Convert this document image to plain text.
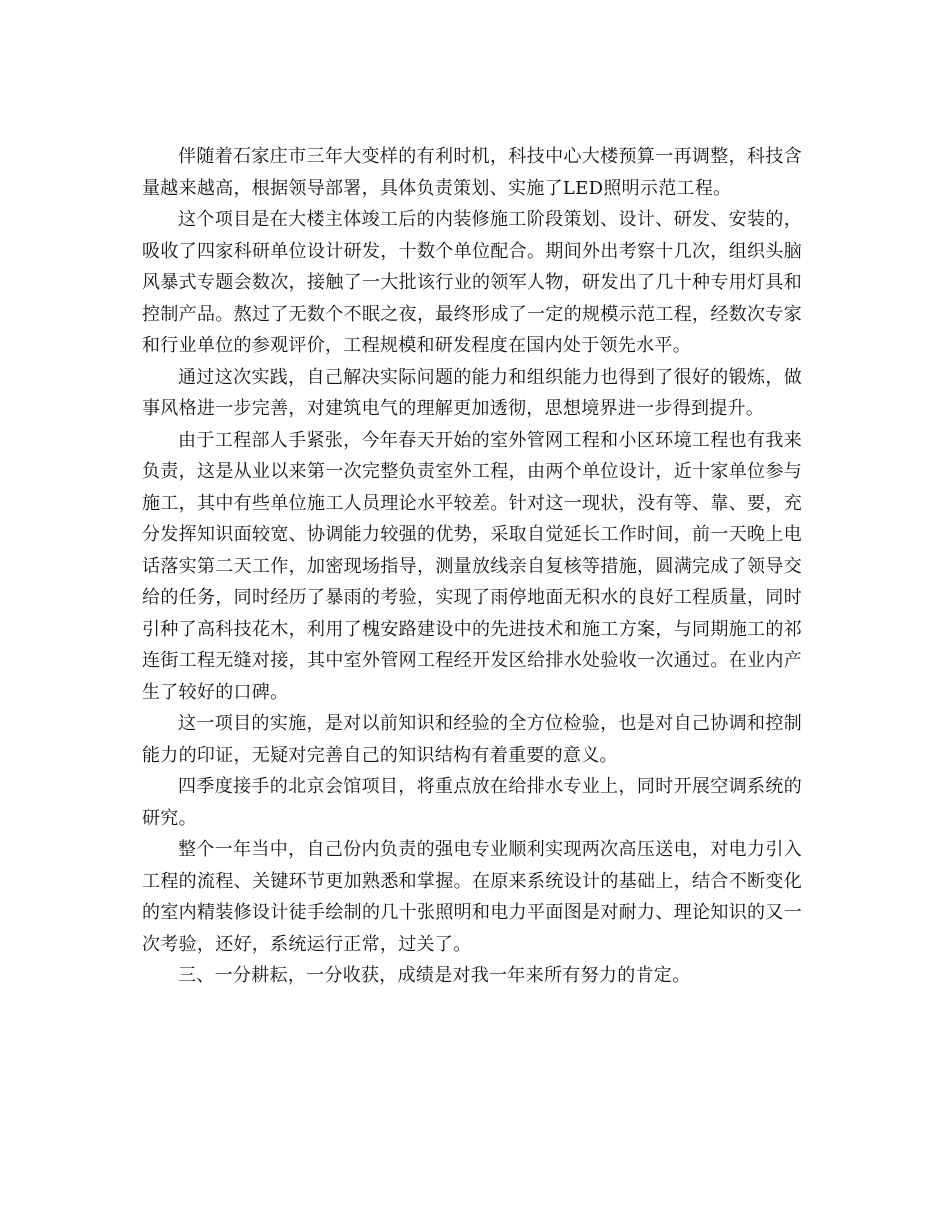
伴随着石家庄市三年大变样的有利时机，科技中心大楼预算一再调整，科技含量越来越高，根据领导部署，具体负责策划、实施了LED照明示范工程。

这个项目是在大楼主体竣工后的内装修施工阶段策划、设计、研发、安装的，吸收了四家科研单位设计研发，十数个单位配合。期间外出考察十几次，组织头脑风暴式专题会数次，接触了一大批该行业的领军人物，研发出了几十种专用灯具和控制产品。熬过了无数个不眠之夜，最终形成了一定的规模示范工程，经数次专家和行业单位的参观评价，工程规模和研发程度在国内处于领先水平。

通过这次实践，自己解决实际问题的能力和组织能力也得到了很好的锻炼，做事风格进一步完善，对建筑电气的理解更加透彻，思想境界进一步得到提升。

由于工程部人手紧张，今年春天开始的室外管网工程和小区环境工程也有我来负责，这是从业以来第一次完整负责室外工程，由两个单位设计，近十家单位参与施工，其中有些单位施工人员理论水平较差。针对这一现状，没有等、靠、要，充分发挥知识面较宽、协调能力较强的优势，采取自觉延长工作时间，前一天晚上电话落实第二天工作，加密现场指导，测量放线亲自复核等措施，圆满完成了领导交给的任务，同时经历了暴雨的考验，实现了雨停地面无积水的良好工程质量，同时引种了高科技花木，利用了槐安路建设中的先进技术和施工方案，与同期施工的祁连街工程无缝对接，其中室外管网工程经开发区给排水处验收一次通过。在业内产生了较好的口碑。

这一项目的实施，是对以前知识和经验的全方位检验，也是对自己协调和控制能力的印证，无疑对完善自己的知识结构有着重要的意义。

四季度接手的北京会馆项目，将重点放在给排水专业上，同时开展空调系统的研究。

整个一年当中，自己份内负责的强电专业顺利实现两次高压送电，对电力引入工程的流程、关键环节更加熟悉和掌握。在原来系统设计的基础上，结合不断变化的室内精装修设计徒手绘制的几十张照明和电力平面图是对耐力、理论知识的又一次考验，还好，系统运行正常，过关了。

三、一分耕耘，一分收获，成绩是对我一年来所有努力的肯定。
